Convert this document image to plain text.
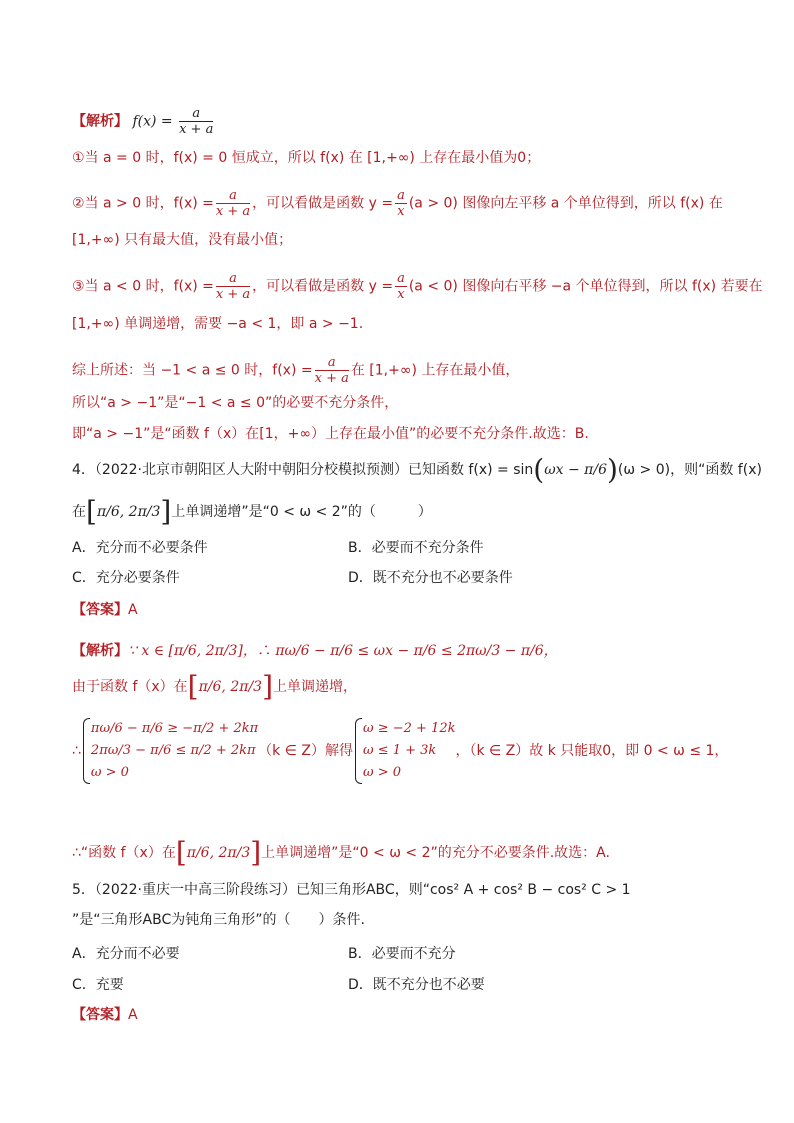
【解析】 $f(x) = \frac{a}{x + a}$
①当 a = 0 时，f(x) = 0 恒成立，所以 f(x) 在 [1,+∞) 上存在最小值为0；
②当 a > 0 时，$f(x) = \frac{a}{x + a}$ ，可以看做是函数 $y = \frac{a}{x} (a > 0)$ 图像向左平移 a 个单位得到，所以 f(x) 在
[1,+∞) 只有最大值，没有最小值；
③当 a < 0 时，$f(x) = \frac{a}{x + a}$ ，可以看做是函数 $y = \frac{a}{x} (a < 0)$ 图像向右平移 −a 个单位得到，所以 f(x) 若要在
[1,+∞) 单调递增，需要 −a < 1，即 a > −1.
综上所述：当 −1 < a ≤ 0 时，$f(x) = \frac{a}{x + a}$ 在 [1,+∞) 上存在最小值，
所以“a > −1”是“−1 < a ≤ 0”的必要不充分条件，
即“a > −1”是“函数 f（x）在[1，+∞）上存在最小值”的必要不充分条件.故选：B.
4．（2022·北京市朝阳区人大附中朝阳分校模拟预测）已知函数 f(x) = sin(ωx − π/6)(ω > 0)，则“函数 f(x)
在[π/6, 2π/3]上单调递增”是“0 < ω < 2”的（　　　）
A．充分而不必要条件	B．必要而不充分条件
C．充分必要条件	D．既不充分也不必要条件
【答案】A
【解析】∵ x ∈ [π/6, 2π/3]，∴ πω/6 − π/6 ≤ ωx − π/6 ≤ 2πω/3 − π/6，
由于函数 f（x）在[π/6, 2π/3]上单调递增，
∴
πω/6 − π/6 ≥ −π/2 + 2kπ
2πω/3 − π/6 ≤ π/2 + 2kπ
ω > 0
（k ∈ Z）解得
ω ≥ −2 + 12k
ω ≤ 1 + 3k
ω > 0
，（k ∈ Z）故 k 只能取0，即 0 < ω ≤ 1，
∴“函数 f（x）在[π/6, 2π/3]上单调递增”是“0 < ω < 2”的充分不必要条件.故选：A.
5．（2022·重庆一中高三阶段练习）已知三角形ABC，则“cos² A + cos² B − cos² C > 1
”是“三角形ABC为钝角三角形”的（　　）条件.
A．充分而不必要	B．必要而不充分
C．充要	D．既不充分也不必要
【答案】A
